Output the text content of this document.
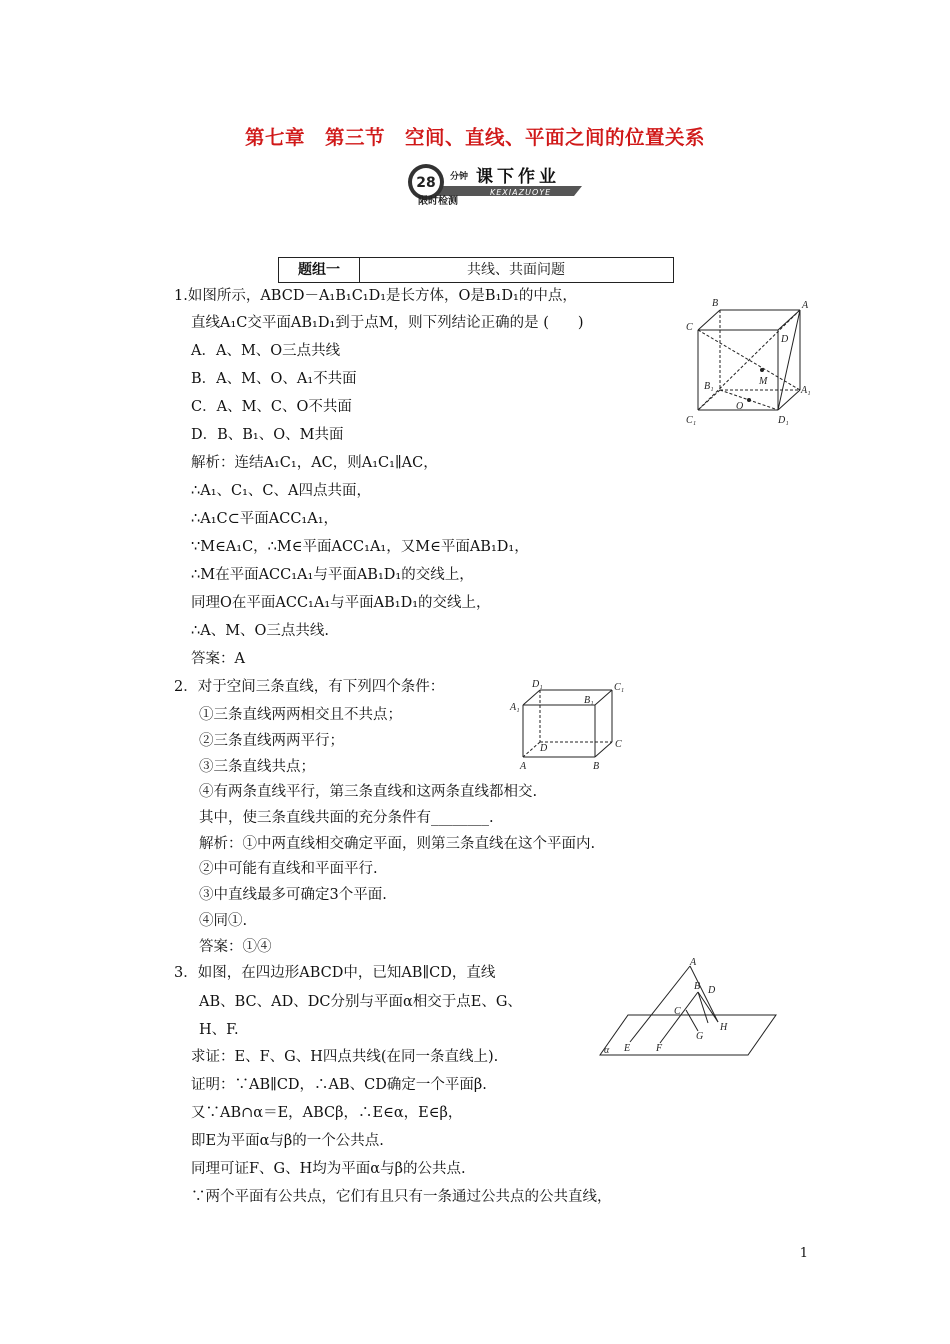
第七章　第三节　空间、直线、平面之间的位置关系
28 分钟
限时检测
课下作业
KEXIAZUOYE
题组一	共线、共面问题
1.如图所示，ABCD－A₁B₁C₁D₁是长方体，O是B₁D₁的中点，
直线A₁C交平面AB₁D₁到于点M，则下列结论正确的是 (　　)
A．A、M、O三点共线
B．A、M、O、A₁不共面
C．A、M、C、O不共面
D．B、B₁、O、M共面
解析：连结A₁C₁，AC，则A₁C₁∥AC，
∴A₁、C₁、C、A四点共面，
∴A₁C⊂平面ACC₁A₁，
∵M∈A₁C，∴M∈平面ACC₁A₁，又M∈平面AB₁D₁，
∴M在平面ACC₁A₁与平面AB₁D₁的交线上，
同理O在平面ACC₁A₁与平面AB₁D₁的交线上，
∴A、M、O三点共线.
答案：A
2．对于空间三条直线，有下列四个条件：
①三条直线两两相交且不共点；
②三条直线两两平行；
③三条直线共点；
④有两条直线平行，第三条直线和这两条直线都相交.
其中，使三条直线共面的充分条件有________.
解析：①中两直线相交确定平面，则第三条直线在这个平面内.
②中可能有直线和平面平行.
③中直线最多可确定3个平面.
④同①.
答案：①④
3．如图，在四边形ABCD中，已知AB∥CD，直线
AB、BC、AD、DC分别与平面α相交于点E、G、
H、F.
求证：E、F、G、H四点共线(在同一条直线上).
证明：∵AB∥CD，∴AB、CD确定一个平面β.
又∵AB∩α＝E，ABCβ，∴E∈α，E∈β，
即E为平面α与β的一个公共点.
同理可证F、G、H均为平面α与β的公共点.
∵两个平面有公共点，它们有且只有一条通过公共点的公共直线，
B	A
C
D
M
B₁	A₁
O
C₁	D₁
D₁	C₁
A₁
B₁
D	C
A	B
A
B D
C
G
H
E	F
α
1
